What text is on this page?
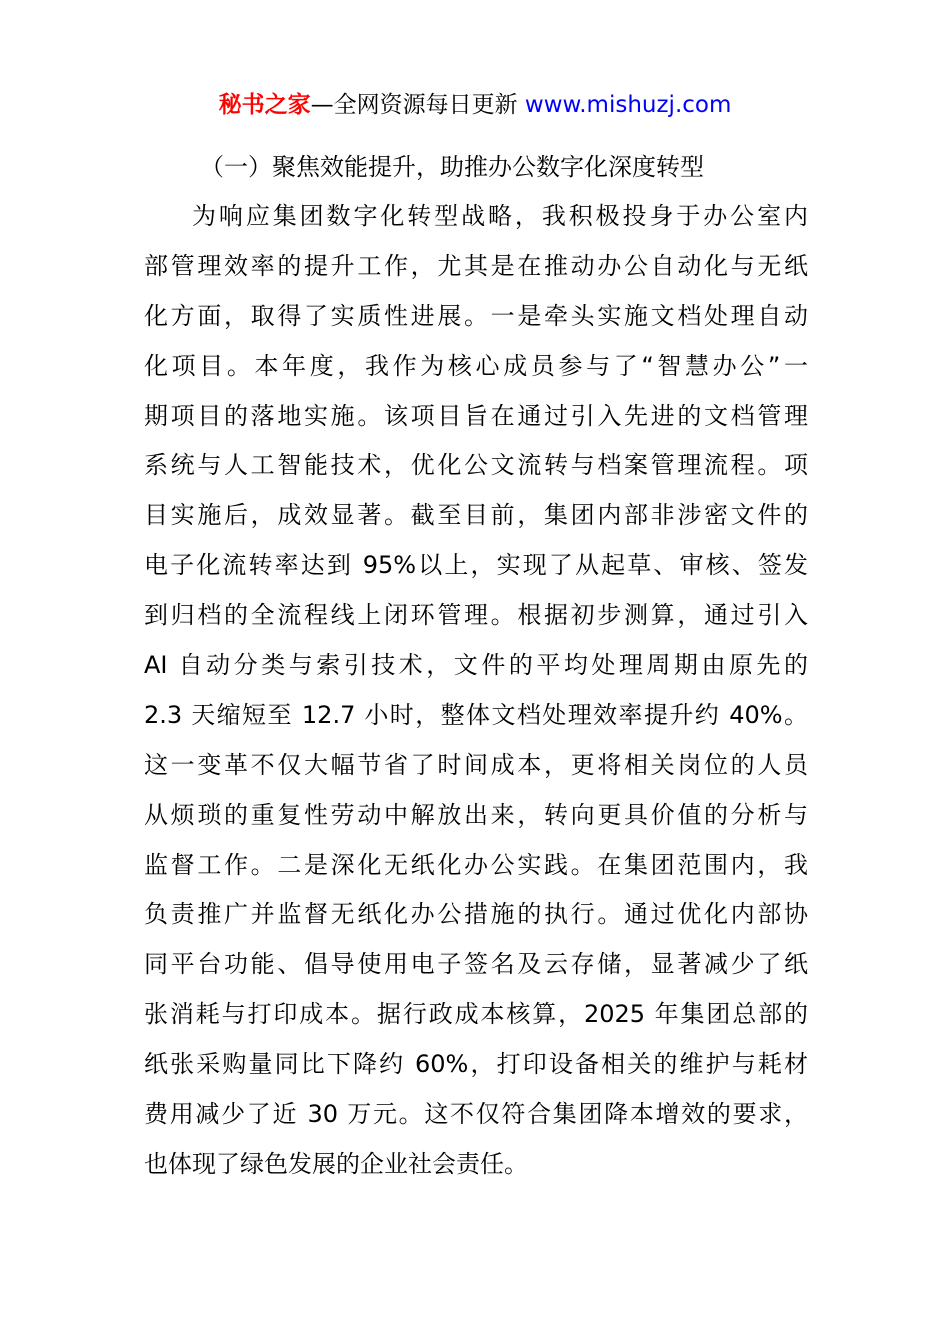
秘书之家—全网资源每日更新 www.mishuzj.com
（一）聚焦效能提升，助推办公数字化深度转型
为响应集团数字化转型战略，我积极投身于办公室内
部管理效率的提升工作，尤其是在推动办公自动化与无纸
化方面，取得了实质性进展。一是牵头实施文档处理自动
化项目。本年度，我作为核心成员参与了“智慧办公”一
期项目的落地实施。该项目旨在通过引入先进的文档管理
系统与人工智能技术，优化公文流转与档案管理流程。项
目实施后，成效显著。截至目前，集团内部非涉密文件的
电子化流转率达到 95%以上，实现了从起草、审核、签发
到归档的全流程线上闭环管理。根据初步测算，通过引入
AI 自动分类与索引技术，文件的平均处理周期由原先的
2.3 天缩短至 12.7 小时，整体文档处理效率提升约 40%。
这一变革不仅大幅节省了时间成本，更将相关岗位的人员
从烦琐的重复性劳动中解放出来，转向更具价值的分析与
监督工作。二是深化无纸化办公实践。在集团范围内，我
负责推广并监督无纸化办公措施的执行。通过优化内部协
同平台功能、倡导使用电子签名及云存储，显著减少了纸
张消耗与打印成本。据行政成本核算，2025 年集团总部的
纸张采购量同比下降约 60%，打印设备相关的维护与耗材
费用减少了近 30 万元。这不仅符合集团降本增效的要求，
也体现了绿色发展的企业社会责任。
